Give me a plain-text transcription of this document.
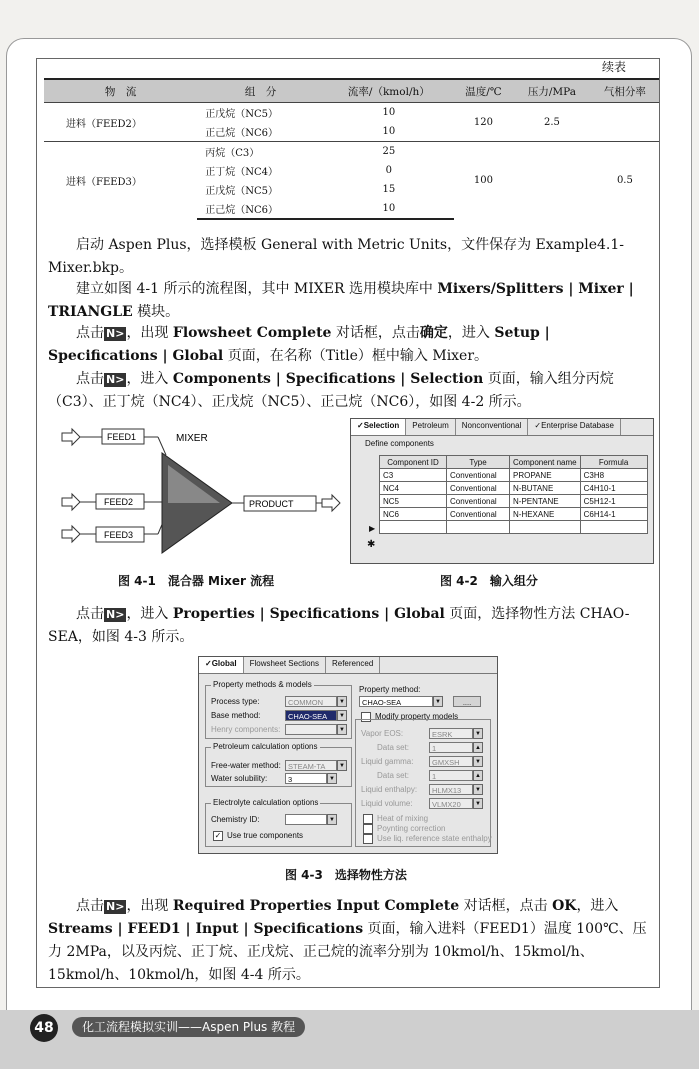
续表
物　流	组　分	流率/（kmol/h）	温度/℃	压力/MPa	气相分率
进料（FEED2）	正戊烷（NC5）	10	120	2.5	
	正己烷（NC6）	10			
进料（FEED3）	丙烷（C3）	25	100		0.5
	正丁烷（NC4）	0			
	正戊烷（NC5）	15			
	正己烷（NC6）	10			

启动 Aspen Plus，选择模板 General with Metric Units，文件保存为 Example4.1-Mixer.bkp。

建立如图 4-1 所示的流程图，其中 MIXER 选用模块库中 Mixers/Splitters | Mixer | TRIANGLE 模块。

点击 N> ，出现 Flowsheet Complete 对话框，点击确定，进入 Setup | Specifications | Global 页面，在名称（Title）框中输入 Mixer。

点击 N> ，进入 Components | Specifications | Selection 页面，输入组分丙烷（C3）、正丁烷（NC4）、正戊烷（NC5）、正己烷（NC6），如图 4-2 所示。

MIXER
FEED1
FEED2
FEED3
PRODUCT
✓Selection	Petroleum	Nonconventional	✓Enterprise Database
Define components
Component ID	Type	Component name	Formula
C3	Conventional	PROPANE	C3H8
NC4	Conventional	N-BUTANE	C4H10-1
NC5	Conventional	N-PENTANE	C5H12-1
NC6	Conventional	N-HEXANE	C6H14-1

▶
✱
图 4-1　混合器 Mixer 流程	图 4-2　输入组分

点击 N> ，进入 Properties | Specifications | Global 页面，选择物性方法 CHAO-SEA，如图 4-3 所示。

✓Global	Flowsheet Sections	Referenced
Property methods & models
Process type:	COMMON	▼
Base method:	CHAO-SEA	▼
Henry components:	▼
Petroleum calculation options
Free-water method: STEAM-TA	▼
Water solubility:	3	▼
Electrolyte calculation options
Chemistry ID:	▼
✓ Use true components
Property method:
CHAO-SEA	▼	....
Modify property models
Vapor EOS:	ESRK	▼
Data set:	1	▲
Liquid gamma:	GMXSH	▼
Data set:	1	▲
Liquid enthalpy:	HLMX13	▼
Liquid volume:	VLMX20	▼
Heat of mixing
Poynting correction
Use liq. reference state enthalpy
图 4-3　选择物性方法

点击 N> ，出现 Required Properties Input Complete 对话框，点击 OK，进入 Streams | FEED1 | Input | Specifications 页面，输入进料（FEED1）温度 100℃、压力 2MPa，以及丙烷、正丁烷、正戊烷、正己烷的流率分别为 10kmol/h、15kmol/h、15kmol/h、10kmol/h，如图 4-4 所示。

48	化工流程模拟实训——Aspen Plus 教程
